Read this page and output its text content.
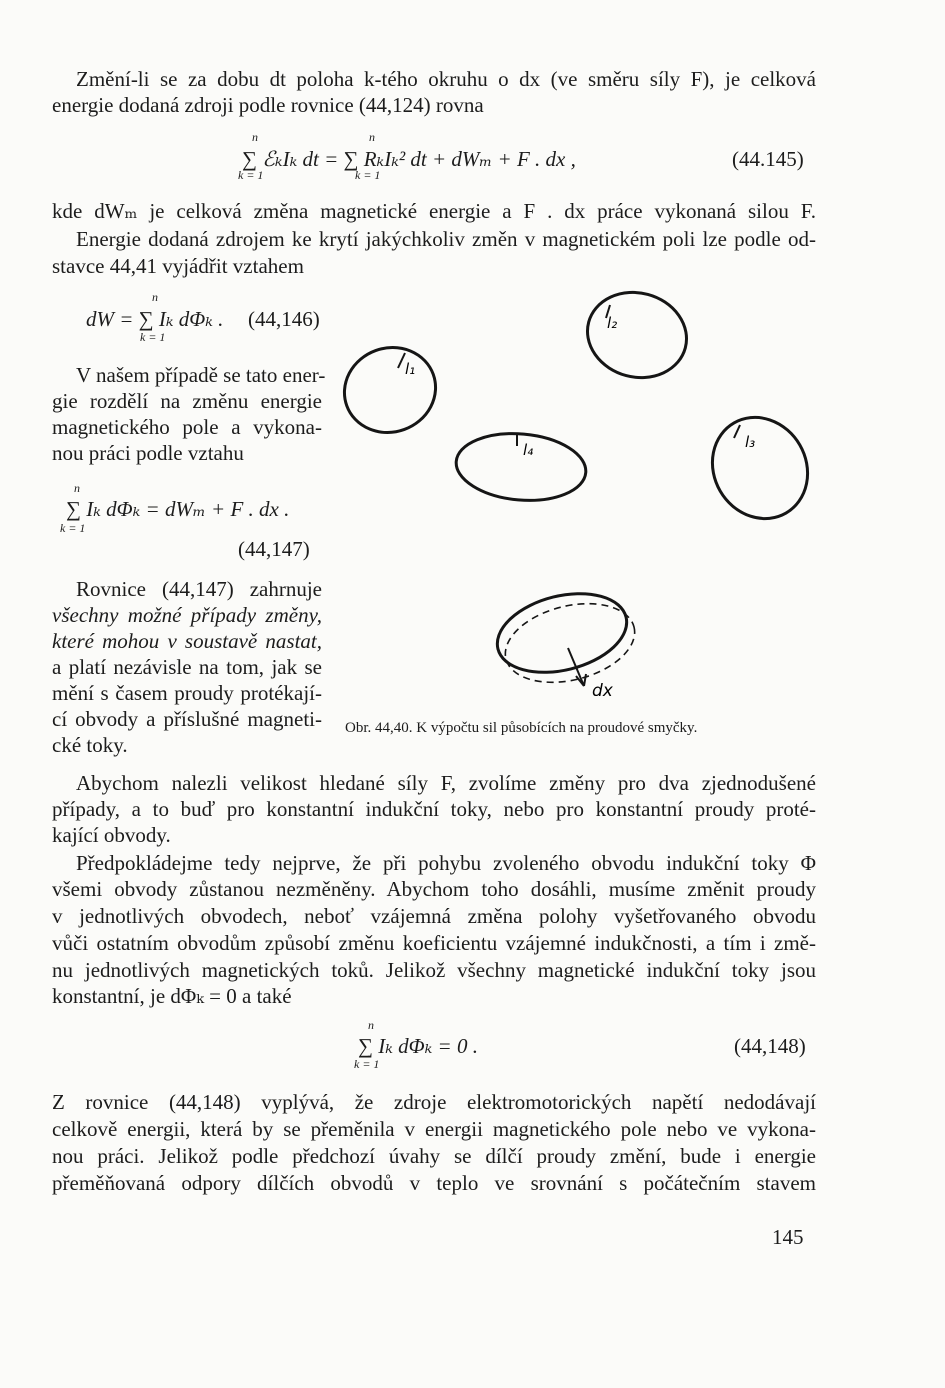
Změní-li se za dobu dt poloha k-tého okruhu o dx (ve směru síly F), je celková
energie dodaná zdroji podle rovnice (44,124) rovna
n	n
∑ ℰₖIₖ dt = ∑ RₖIₖ² dt + dWₘ + F . dx ,
k = 1	k = 1
(44.145)
kde dWₘ je celková změna magnetické energie a F . dx práce vykonaná silou F.
Energie dodaná zdrojem ke krytí jakýchkoliv změn v magnetickém poli lze podle od-
stavce 44,41 vyjádřit vztahem
n
dW = ∑ Iₖ dΦₖ . (44,146)
k = 1
V našem případě se tato ener-
gie rozdělí na změnu energie
magnetického pole a vykona-
nou práci podle vztahu
n
∑ Iₖ dΦₖ = dWₘ + F . dx .
k = 1
(44,147)
Rovnice (44,147) zahrnuje
všechny možné případy změny,
které mohou v soustavě nastat,
a platí nezávisle na tom, jak se
mění s časem proudy protékají-
cí obvody a příslušné magneti-
cké toky.
l₁
l₂
l₄	l₃
dx
Obr. 44,40. K výpočtu sil působících na proudové smyčky.
Abychom nalezli velikost hledané síly F, zvolíme změny pro dva zjednodušené
případy, a to buď pro konstantní indukční toky, nebo pro konstantní proudy proté-
kající obvody.
Předpokládejme tedy nejprve, že při pohybu zvoleného obvodu indukční toky Φ
všemi obvody zůstanou nezměněny. Abychom toho dosáhli, musíme změnit proudy
v jednotlivých obvodech, neboť vzájemná změna polohy vyšetřovaného obvodu
vůči ostatním obvodům způsobí změnu koeficientu vzájemné indukčnosti, a tím i změ-
nu jednotlivých magnetických toků. Jelikož všechny magnetické indukční toky jsou
konstantní, je dΦₖ = 0 a také
n
∑ Iₖ dΦₖ = 0 .
k = 1
(44,148)
Z rovnice (44,148) vyplývá, že zdroje elektromotorických napětí nedodávají
celkově energii, která by se přeměnila v energii magnetického pole nebo ve vykona-
nou práci. Jelikož podle předchozí úvahy se dílčí proudy změní, bude i energie
přeměňovaná odpory dílčích obvodů v teplo ve srovnání s počátečním stavem
145
